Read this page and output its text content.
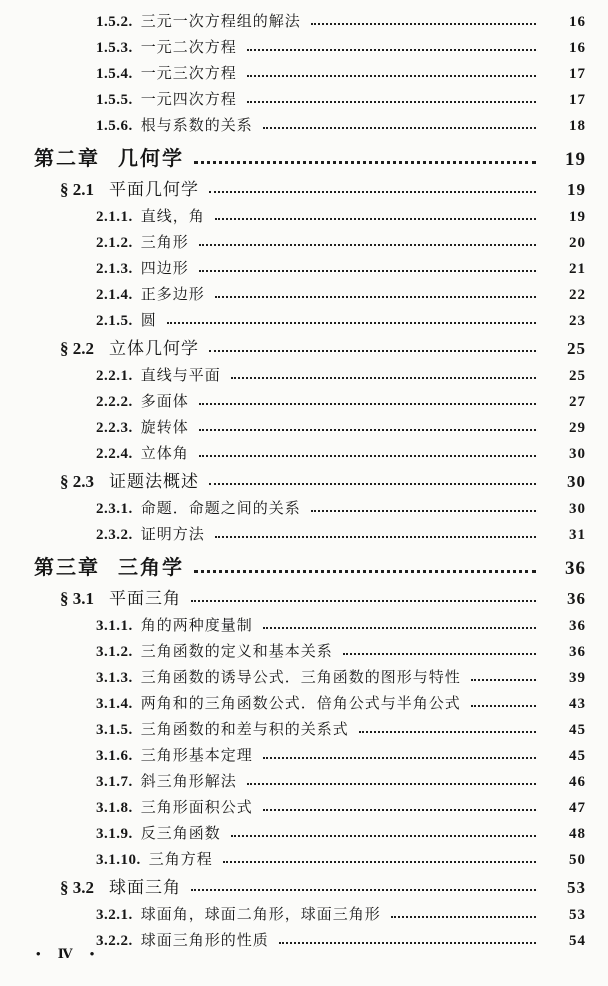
1.5.2. 三元一次方程组的解法	16
1.5.3. 一元二次方程	16
1.5.4. 一元三次方程	17
1.5.5. 一元四次方程	17
1.5.6. 根与系数的关系	18
第二章 几何学	19
§ 2.1 平面几何学	19
2.1.1. 直线，角	19
2.1.2. 三角形	20
2.1.3. 四边形	21
2.1.4. 正多边形	22
2.1.5. 圆	23
§ 2.2 立体几何学	25
2.2.1. 直线与平面	25
2.2.2. 多面体	27
2.2.3. 旋转体	29
2.2.4. 立体角	30
§ 2.3 证题法概述	30
2.3.1. 命题．命题之间的关系	30
2.3.2. 证明方法	31
第三章 三角学	36
§ 3.1 平面三角	36
3.1.1. 角的两种度量制	36
3.1.2. 三角函数的定义和基本关系	36
3.1.3. 三角函数的诱导公式．三角函数的图形与特性	39
3.1.4. 两角和的三角函数公式．倍角公式与半角公式	43
3.1.5. 三角函数的和差与积的关系式	45
3.1.6. 三角形基本定理	45
3.1.7. 斜三角形解法	46
3.1.8. 三角形面积公式	47
3.1.9. 反三角函数	48
3.1.10. 三角方程	50
§ 3.2 球面三角	53
3.2.1. 球面角，球面二角形，球面三角形	53
3.2.2. 球面三角形的性质	54
• Ⅳ •
